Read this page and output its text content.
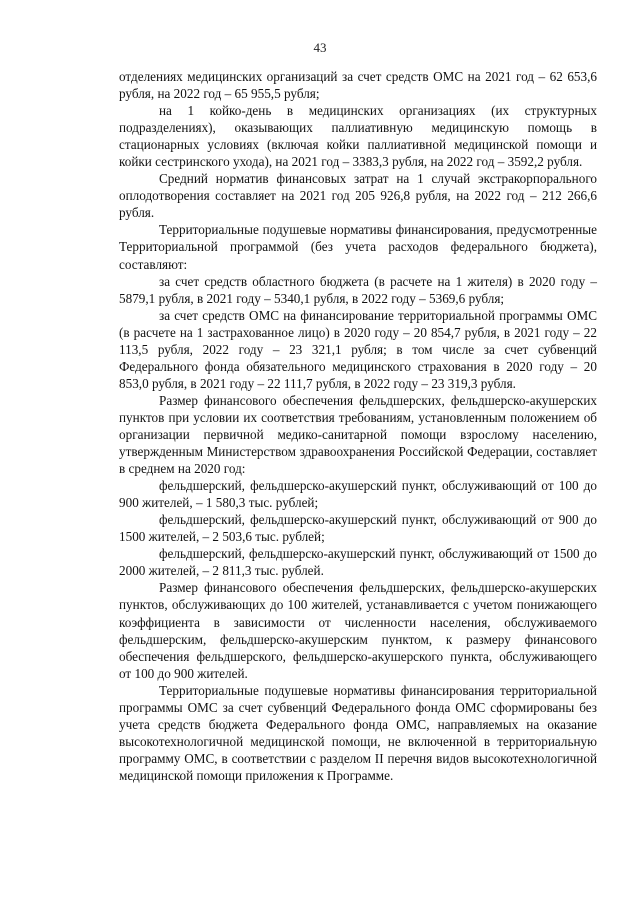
43

отделениях медицинских организаций за счет средств ОМС на 2021 год – 62 653,6 рубля, на 2022 год – 65 955,5 рубля;

на 1 койко-день в медицинских организациях (их структурных подразделениях), оказывающих паллиативную медицинскую помощь в стационарных условиях (включая койки паллиативной медицинской помощи и койки сестринского ухода), на 2021 год – 3383,3 рубля, на 2022 год – 3592,2 рубля.

Средний норматив финансовых затрат на 1 случай экстракорпорального оплодотворения составляет на 2021 год 205 926,8 рубля, на 2022 год – 212 266,6 рубля.

Территориальные подушевые нормативы финансирования, предусмотренные Территориальной программой (без учета расходов федерального бюджета), составляют:

за счет средств областного бюджета (в расчете на 1 жителя) в 2020 году – 5879,1 рубля, в 2021 году – 5340,1 рубля, в 2022 году – 5369,6 рубля;

за счет средств ОМС на финансирование территориальной программы ОМС (в расчете на 1 застрахованное лицо) в 2020 году – 20 854,7 рубля, в 2021 году – 22 113,5 рубля, 2022 году – 23 321,1 рубля; в том числе за счет субвенций Федерального фонда обязательного медицинского страхования в 2020 году – 20 853,0 рубля, в 2021 году – 22 111,7 рубля, в 2022 году – 23 319,3 рубля.

Размер финансового обеспечения фельдшерских, фельдшерско-акушерских пунктов при условии их соответствия требованиям, установленным положением об организации первичной медико-санитарной помощи взрослому населению, утвержденным Министерством здравоохранения Российской Федерации, составляет в среднем на 2020 год:

фельдшерский, фельдшерско-акушерский пункт, обслуживающий от 100 до 900 жителей, – 1 580,3 тыс. рублей;

фельдшерский, фельдшерско-акушерский пункт, обслуживающий от 900 до 1500 жителей, – 2 503,6 тыс. рублей;

фельдшерский, фельдшерско-акушерский пункт, обслуживающий от 1500 до 2000 жителей, – 2 811,3 тыс. рублей.

Размер финансового обеспечения фельдшерских, фельдшерско-акушерских пунктов, обслуживающих до 100 жителей, устанавливается с учетом понижающего коэффициента в зависимости от численности населения, обслуживаемого фельдшерским, фельдшерско-акушерским пунктом, к размеру финансового обеспечения фельдшерского, фельдшерско-акушерского пункта, обслуживающего от 100 до 900 жителей.

Территориальные подушевые нормативы финансирования территориальной программы ОМС за счет субвенций Федерального фонда ОМС сформированы без учета средств бюджета Федерального фонда ОМС, направляемых на оказание высокотехнологичной медицинской помощи, не включенной в территориальную программу ОМС, в соответствии с разделом II перечня видов высокотехнологичной медицинской помощи приложения к Программе.
